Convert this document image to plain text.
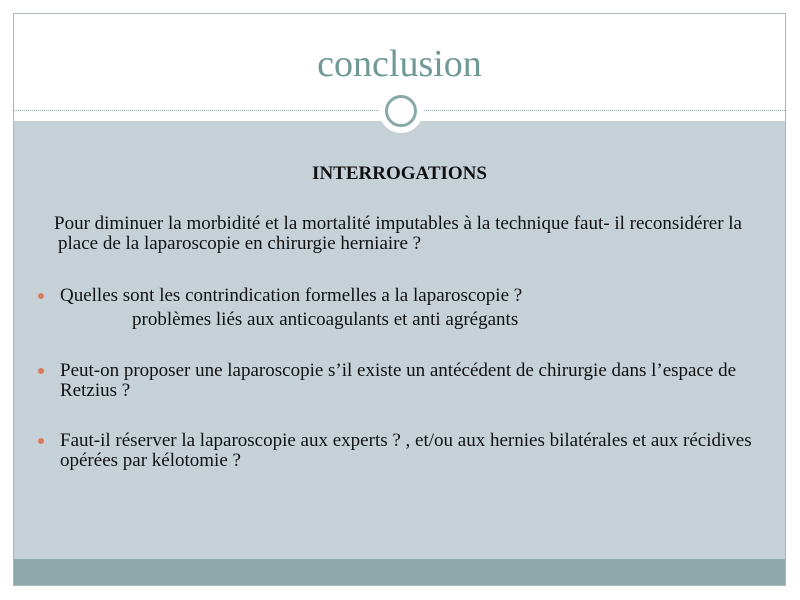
conclusion
INTERROGATIONS
Pour diminuer la morbidité et la mortalité imputables à la technique faut- il reconsidérer la place de la laparoscopie en chirurgie herniaire ?
Quelles sont les contrindication formelles a la laparoscopie ?
problèmes liés aux anticoagulants et anti agrégants
Peut-on proposer une laparoscopie s’il existe un antécédent de chirurgie dans l’espace de Retzius ?
Faut-il réserver la laparoscopie aux experts ? , et/ou aux hernies bilatérales et aux récidives opérées par kélotomie ?
